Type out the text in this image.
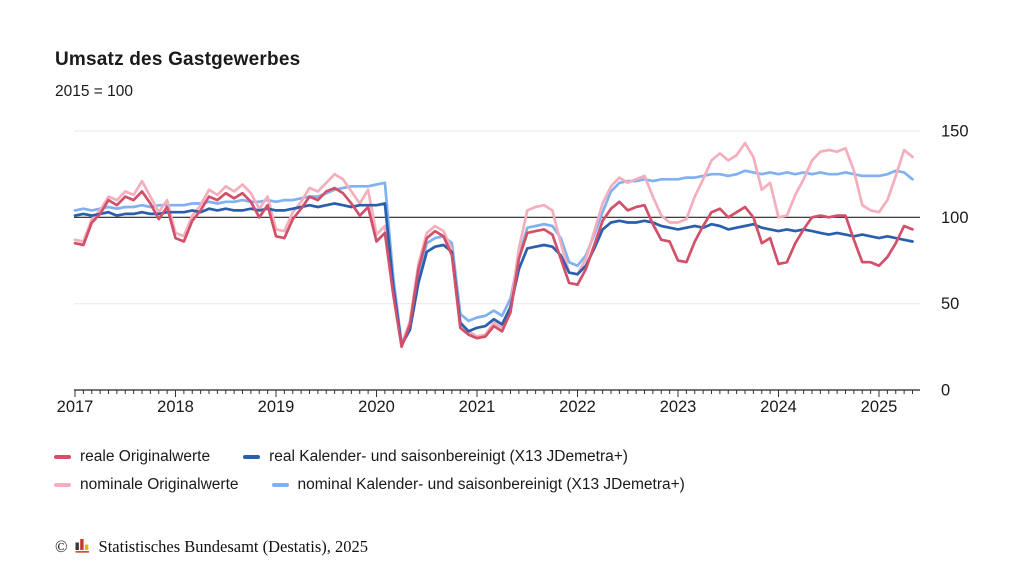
Umsatz des Gastgewerbes
2015 = 100
2017	2018	2019	2020	2021	2022	2023	2024	2025
0
50
100
150
reale Originalwerte	real Kalender- und saisonbereinigt (X13 JDemetra+)
nominale Originalwerte	nominal Kalender- und saisonbereinigt (X13 JDemetra+)
© Statistisches Bundesamt (Destatis), 2025
